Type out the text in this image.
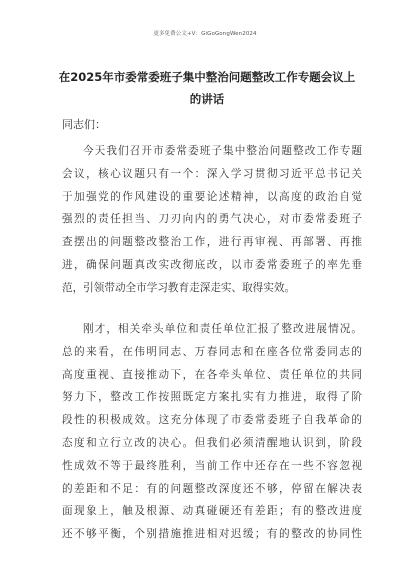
更多免费公文+V：GiGoGongWen2024
在2025年市委常委班子集中整治问题整改工作专题会议上
的讲话
同志们：
今天我们召开市委常委班子集中整治问题整改工作专题
会议，核心议题只有一个：深入学习贯彻习近平总书记关
于加强党的作风建设的重要论述精神，以高度的政治自觉
强烈的责任担当、刀刃向内的勇气决心，对市委常委班子
查摆出的问题整改整治工作，进行再审视、再部署、再推
进，确保问题真改实改彻底改，以市委常委班子的率先垂
范，引领带动全市学习教育走深走实、取得实效。
刚才，相关牵头单位和责任单位汇报了整改进展情况。
总的来看，在伟明同志、万春同志和在座各位常委同志的
高度重视、直接推动下，在各牵头单位、责任单位的共同
努力下，整改工作按照既定方案扎实有力推进，取得了阶
段性的积极成效。这充分体现了市委常委班子自我革命的
态度和立行立改的决心。但我们必须清醒地认识到，阶段
性成效不等于最终胜利，当前工作中还存在一些不容忽视
的差距和不足：有的问题整改深度还不够，停留在解决表
面现象上，触及根源、动真碰硬还有差距；有的整改进度
还不够平衡，个别措施推进相对迟缓；有的整改的协同性
